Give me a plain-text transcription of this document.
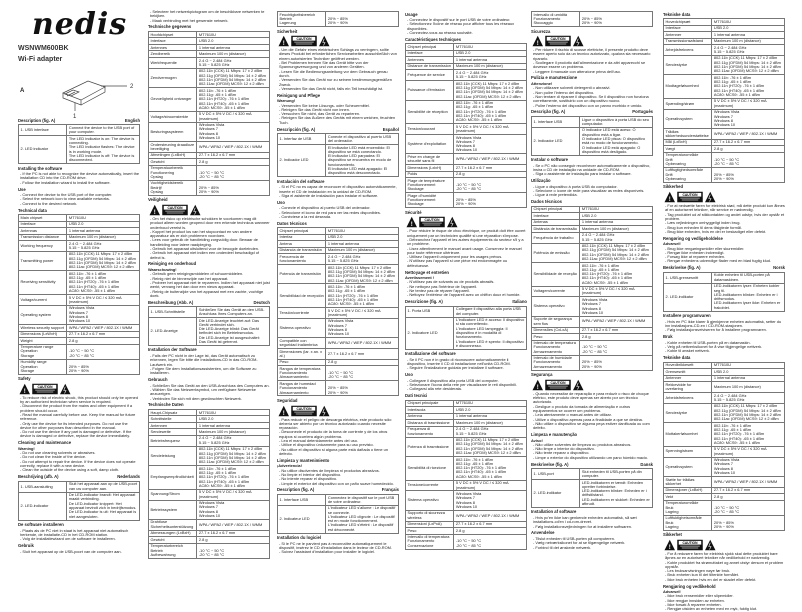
nedis
WSNWM600BK
Wi-Fi adapter
A
2
1
Description (fig. A)	English
1. USB interface	Connect the device to the USB port of your computer.
2. LED indicator	The LED indicator is on: The device is connecting.
The LED indicator flashes: The device is in working mode.
The LED indicator is off: The device is disconnected.
Installing the software
- If the PC is not able to recognize the device automatically, insert the installation CD into the CD-ROM drive.
- Follow the installation wizard to install the software.
Use
- Connect the device to the USB port of the computer.
- Select the network icon to view available networks.
- Connect to the desired network.
Technical data
Main chipset	MT7610U
Interface	USB 2.0
Antennas	1 internal antenna
Transmission distance	Maximum 100 m (distance)
Working frequency	2.4 G ~ 2.484 GHz
5.15 ~ 5.825 GHz
Transmitting power	802.11b (CCK) 11 Mbps: 17 ± 2 dBm
802.11g (OFDM) 54 Mbps: 14 ± 2 dBm
802.11n (OFDM) 54 Mbps: 14 ± 2 dBm
802.11ac (OFDM) MCS9: 12 ± 2 dBm
Receiving sensitivity	802.11b: -76 ± 1 dBm
802.11g: -65 ± 1 dBm
802.11n (HT20): -76 ± 1 dBm
802.11n (HT40): -65 ± 1 dBm
AC80: MCS9: -55 ± 1 dBm
Voltage/current	5 V DC ± 5% V DC / ≤ 320 mA (maximum)
Operating system	Windows Vista
Windows 7
Windows 8
Windows 10
Wireless security support	WPA / WPA2 / WEP / 802.1X / WMM
Dimensions (LxWxH)	27.7 x 16.2 x 6.7 mm
Weight	2.8 g
Temperature range
Operation
Storage	
-10 °C ~ 50 °C
-20 °C ~ 85 °C
Humidity range
Operation
Storage	
20% ~ 85%
20% ~ 90%
Safety
!
CAUTION
- To reduce risk of electric shock, this product should only be opened by an authorized technician when service is required.
- Disconnect the product from the mains and other equipment if a problem should occur.
- Read the manual carefully before use. Keep the manual for future reference.
- Only use the device for its intended purposes. Do not use the device for other purposes than described in the manual.
- Do not use the device if any part is damaged or defective. If the device is damaged or defective, replace the device immediately.
Cleaning and maintenance
Warning!
- Do not use cleaning solvents or abrasives.
- Do not clean the inside of the device.
- Do not attempt to repair the device. If the device does not operate correctly, replace it with a new device.
- Clean the outside of the device using a soft, damp cloth.
Beschrijving (afb. A)	Nederlands
1. USB-aansluiting	Sluit het apparaat aan op de USB-poort van uw computer aan.
2. LED-indicator	De LED-indicator brandt: Het apparaat maakt verbinding.
De LED-indicator knippert: Het apparaat bevindt zich in bedrijfsmodus.
De LED-indicator is uit: Het apparaat is niet aangesloten.
De software installeren
- Plaats als de PC niet in staat is het apparaat niet automatisch herkende, de installatie-CD in het CD-ROM station.
- Volg de installatiewizard om de software te installeren.
Gebruik
- Sluit het apparaat op de USB-poort van de computer aan.
- Selecteer het netwerkpictogram om de beschikbare netwerken te bekijken.
- Maak verbinding met het gewenste netwerk.
Technische gegevens
Hoofdchipset	MT7610U
Interface	USB 2.0
Antennes	1 internal antenna
Zendbereik	Maximum 100 m (distance)
Werkfrequentie	2.4 G ~ 2.484 GHz
5.15 ~ 5.825 GHz
Zendvermogen	802.11b (CCK) 11 Mbps: 17 ± 2 dBm
802.11g (OFDM) 54 Mbps: 14 ± 2 dBm
802.11n (OFDM) 54 Mbps: 14 ± 2 dBm
802.11ac (OFDM) MCS9: 12 ± 2 dBm
Gevoeligheid ontvanger	802.11b: -76 ± 1 dBm
802.11g: -65 ± 1 dBm
802.11n (HT20): -76 ± 1 dBm
802.11n (HT40): -65 ± 1 dBm
AC80: MCS9: -55 ± 1 dBm
Voltage/stroomsterkte	5 V DC ± 5% V DC / ≤ 320 mA (maximum)
Besturingssysteem	Windows Vista
Windows 7
Windows 8
Windows 10
Ondersteuning draadloze beveiliging	WPA / WPA2 / WEP / 802.1X / WMM
Afmetingen (LxBxH)	27.7 x 16.2 x 6.7 mm
Gewicht	2.8 g
Temperatuurbereik
Functionering
Opslag	
-10 °C ~ 50 °C
-20 °C ~ 85 °C
Vochtigheidsbereik
Bedrijf
Opslag	
20% ~ 85%
20% ~ 90%
Veiligheid
!
CAUTION
- Om het risico op elektrische schokken te voorkomen mag dit product alleen worden geopend door een erkende technicus wanneer onderhoud vereist is.
- Koppel het product los van het stopcontact en van andere apparatuur als er zich problemen voordoen.
- Lees voor gebruik de handleiding zorgvuldig door. Bewaar de handleiding voor latere raadpleging.
- Gebruik het apparaat uitsluitend voor de beoogde doeleinden.
- Gebruik het apparaat niet indien een onderdeel beschadigd of defect is.
Reiniging en onderhoud
Waarschuwing!
- Gebruik geen reinigingsmiddelen of schuurmiddelen.
- Reinig niet de binnenzijde van het apparaat.
- Probeer het apparaat niet te repareren. Indien het apparaat niet juist werkt, vervang het dan door een nieuw apparaat.
- Reinig de buitenzijde van het apparaat met een zachte, vochtige doek.
Beschreibung (Abb. A)	Deutsch
1. USB-Schnittstelle	Schließen Sie das Gerät an den USB-Anschluss Ihres Computers an.
2. LED-Anzeige	Die LED-Anzeige leuchtet auf: Das Gerät verbindet sich.
Die LED-Anzeige blinkt: Das Gerät befindet sich im Betriebsmodus.
Die LED-Anzeige ist ausgeschaltet: Das Gerät ist getrennt.
Installation der Software
- Falls der PC nicht in der Lage ist, das Gerät automatisch zu erkennen, legen Sie bitte die Installations-CD in das CD-ROM-Laufwerk ein.
- Folgen Sie dem Installationsassistenten, um die Software zu installieren.
Gebrauch
- Schließen Sie das Gerät an den USB-Anschluss des Computers an.
- Wählen Sie das Netzwerksymbol, um verfügbare Netzwerke anzuzeigen.
- Verbinden Sie sich mit dem gewünschten Netzwerk.
Technische Daten
Haupt-Chipsatz	MT7610U
Schnittstelle	USB 2.0
Antennen	1 internal antenna
Sendeweite	Maximum 100 m (distance)
Betriebsfrequenz	2.4 G ~ 2.484 GHz
5.15 ~ 5.825 GHz
Sendeleistung	802.11b (CCK) 11 Mbps: 17 ± 2 dBm
802.11g (OFDM) 54 Mbps: 14 ± 2 dBm
802.11n (OFDM) 54 Mbps: 14 ± 2 dBm
802.11ac (OFDM) MCS9: 12 ± 2 dBm
Empfangsempfindlichkeit	802.11b: -76 ± 1 dBm
802.11g: -65 ± 1 dBm
802.11n (HT20): -76 ± 1 dBm
802.11n (HT40): -65 ± 1 dBm
AC80: MCS9: -55 ± 1 dBm
Spannung/Strom	5 V DC ± 5% V DC / ≤ 320 mA (maximum)
Betriebssystem	Windows Vista
Windows 7
Windows 8
Windows 10
Drahtlose Sicherheitsunterstützung	WPA / WPA2 / WEP / 802.1X / WMM
Abmessungen (LxBxH)	27.7 x 16.2 x 6.7 mm
Gewicht	2.8 g
Temperaturbereich
Betrieb
Aufbewahrung	
-10 °C ~ 50 °C
-20 °C ~ 85 °C
Feuchtigkeitsbereich
Betrieb
Lagerung	
20% ~ 85%
20% ~ 90%
Sicherheit
!
CAUTION
- Um die Gefahr eines elektrischen Schlags zu verringern, sollte dieses Produkt bei erforderlichen Servicearbeiten ausschließlich von einem autorisierten Techniker geöffnet werden.
- Bei Problemen trennen Sie das Gerät bitte von der Spannungsversorgung und von anderen Geräten.
- Lesen Sie die Bedienungsanleitung vor dem Gebrauch genau durch.
- Verwenden Sie das Gerät nur zu seinem bestimmungsgemäßen Zweck.
- Verwenden Sie das Gerät nicht, falls ein Teil beschädigt ist.
Reinigung und Pflege
Warnung!
- Verwenden Sie keine Lösungs- oder Scheuermittel.
- Reinigen Sie das Gerät nicht von innen.
- Versuchen Sie nicht, das Gerät zu reparieren.
- Reinigen Sie das Äußere des Geräts mit einem weichen, feuchten Tuch.
Descripción (fig. A)	Español
1. Interfaz de USB	Conecte el dispositivo al puerto USB del ordenador.
2. Indicador LED	El indicador LED está encendido: El dispositivo se está conectando.
El indicador LED parpadea: El dispositivo se encuentra en modo de funcionamiento.
El indicador LED está apagado: El dispositivo está desconectado.
Instalación del software
- Si el PC no es capaz de reconocer el dispositivo automáticamente, inserte el CD de instalación en la unidad de CD-ROM.
- Siga el asistente de instalación para instalar el software.
Uso
- Conecte el dispositivo al puerto USB del ordenador.
- Seleccione el icono de red para ver las redes disponibles.
- Conéctese a la red deseada.
Datos técnicos
Chipset principal	MT7610U
Interfaz	USB 2.0
Antena	1 internal antenna
Distancia de transmisión	Maximum 100 m (distance)
Frecuencia de funcionamiento	2.4 G ~ 2.484 GHz
5.15 ~ 5.825 GHz
Potencia de transmisión	802.11b (CCK) 11 Mbps: 17 ± 2 dBm
802.11g (OFDM) 54 Mbps: 14 ± 2 dBm
802.11n (OFDM) 54 Mbps: 14 ± 2 dBm
802.11ac (OFDM) MCS9: 12 ± 2 dBm
Sensibilidad de recepción	802.11b: -76 ± 1 dBm
802.11g: -65 ± 1 dBm
802.11n (HT20): -76 ± 1 dBm
802.11n (HT40): -65 ± 1 dBm
AC80: MCS9: -55 ± 1 dBm
Tensión/corriente	5 V DC ± 5% V DC / ≤ 320 mA (maximum)
Sistema operativo	Windows Vista
Windows 7
Windows 8
Windows 10
Compatible con seguridad inalámbrica	WPA / WPA2 / WEP / 802.1X / WMM
Dimensiones (lar. x an. x al.)	27.7 x 16.2 x 6.7 mm
Peso	2.8 g
Rangos de temperatura
Funcionamiento
Almacenamiento	
-10 °C ~ 50 °C
-20 °C ~ 85 °C
Rangos de humedad
Funcionamiento
Almacenamiento	
20% ~ 85%
20% ~ 90%
Seguridad
!
CAUTION
- Para reducir el peligro de descarga eléctrica, este producto sólo debería ser abierto por un técnico autorizado cuando necesite reparación.
- Desconecte el producto de la toma de corriente y de los otros equipos si ocurriera algún problema.
- Lea el manual detenidamente antes del uso.
- Utilice el dispositivo únicamente para su uso previsto.
- No utilice el dispositivo si alguna parte está dañada o tiene un defecto.
Limpieza y mantenimiento
¡Advertencia!
- No utilice disolventes de limpieza ni productos abrasivos.
- No limpie el interior del dispositivo.
- No intente reparar el dispositivo.
- Limpie el exterior del dispositivo con un paño suave humedecido.
Description (fig. A)	Français
1. Interface USB	Connectez le dispositif sur le port USB de votre ordinateur.
2. Indicateur LED	L'indicateur LED s'allume : Le dispositif se connecte.
L'indicateur LED clignote : Le dispositif est en mode fonctionnement.
L'indicateur LED s'éteint : Le dispositif est déconnecté.
Installation du logiciel
- Si le PC ne le parvient pas à reconnaître automatiquement le dispositif, insérez le CD d'installation dans le lecteur de CD-ROM.
- Suivez l'assistant d'installation pour installer le logiciel.
Usage
- Connectez le dispositif sur le port USB de votre ordinateur.
- Sélectionnez l'icône de réseau pour afficher tous les réseaux disponibles.
- Connectez-vous au réseau souhaité.
Caractéristiques techniques
Chipset principal	MT7610U
Interface	USB 2.0
Antennes	1 internal antenna
Distance de transmission	Maximum 100 m (distance)
Fréquence de service	2.4 G ~ 2.484 GHz
5.15 ~ 5.825 GHz
Puissance d'émission	802.11b (CCK) 11 Mbps: 17 ± 2 dBm
802.11g (OFDM) 54 Mbps: 14 ± 2 dBm
802.11n (OFDM) 54 Mbps: 14 ± 2 dBm
802.11ac (OFDM) MCS9: 12 ± 2 dBm
Sensibilité de réception	802.11b: -76 ± 1 dBm
802.11g: -65 ± 1 dBm
802.11n (HT20): -76 ± 1 dBm
802.11n (HT40): -65 ± 1 dBm
AC80: MCS9: -55 ± 1 dBm
Tension/courant	5 V DC ± 5% V DC / ≤ 320 mA (maximum)
Système d'exploitation	Windows Vista
Windows 7
Windows 8
Windows 10
Prise en charge de sécurité sans fil	WPA / WPA2 / WEP / 802.1X / WMM
Dimensions (LxlxH)	27.7 x 16.2 x 6.7 mm
Poids	2.8 g
Plage de température
Fonctionnement
Stockage	
-10 °C ~ 50 °C
-20 °C ~ 85 °C
Plage d'humidité
Fonctionnement
Stockage	
20% ~ 85%
20% ~ 90%
Sécurité
!
CAUTION
- Pour réduire le risque de choc électrique, ce produit doit être ouvert uniquement par un technicien qualifié si une réparation s'impose.
- Débranchez l'appareil et les autres équipements du secteur s'il y a un problème.
- Lisez attentivement le manuel avant usage. Conservez le manuel pour toute référence ultérieure.
- Utilisez l'appareil uniquement pour les usages prévus.
- N'utilisez pas l'appareil si une pièce est endommagée ou défectueuse.
Nettoyage et entretien
Avertissement !
- N'utilisez pas de solvants ou de produits abrasifs.
- Ne nettoyez pas l'intérieur de l'appareil.
- Ne tentez pas de réparer l'appareil.
- Nettoyez l'extérieur de l'appareil avec un chiffon doux et humide.
Descrizione (fig. A)	Italiano
1. Porta USB	Collegare il dispositivo alla porta USB del computer.
2. Indicatore LED	L'indicatore LED è acceso: Il dispositivo si sta connettendo.
L'indicatore LED lampeggia: Il dispositivo è in modalità di funzionamento.
L'indicatore LED è spento: Il dispositivo è disconnesso.
Installazione del software
- Se il PC non è in grado di riconoscere automaticamente il dispositivo, inserire il CD di installazione nell'unità CD-ROM.
- Seguire l'installazione guidata per installare il software.
Uso
- Collegare il dispositivo alla porta USB del computer.
- Selezionare l'icona della rete per visualizzare le reti disponibili.
- Collegarsi alla rete desiderata.
Dati tecnici
Chipset principale	MT7610U
Interfaccia	USB 2.0
Antenna	1 internal antenna
Distanza di trasmissione	Maximum 100 m (distance)
Frequenza di funzionamento	2.4 G ~ 2.484 GHz
5.15 ~ 5.825 GHz
Potenza di trasmissione	802.11b (CCK) 11 Mbps: 17 ± 2 dBm
802.11g (OFDM) 54 Mbps: 14 ± 2 dBm
802.11n (OFDM) 54 Mbps: 14 ± 2 dBm
802.11ac (OFDM) MCS9: 12 ± 2 dBm
Sensibilità di ricezione	802.11b: -76 ± 1 dBm
802.11g: -65 ± 1 dBm
802.11n (HT20): -76 ± 1 dBm
802.11n (HT40): -65 ± 1 dBm
AC80: MCS9: -55 ± 1 dBm
Tensione/corrente	5 V DC ± 5% V DC / ≤ 320 mA (maximum)
Sistema operativo	Windows Vista
Windows 7
Windows 8
Windows 10
Supporto di sicurezza wireless	WPA / WPA2 / WEP / 802.1X / WMM
Dimensioni (LxPxA)	27.7 x 16.2 x 6.7 mm
Peso	2.8 g
Intervallo di temperatura
Funzionamento
Conservazione	
-10 °C ~ 50 °C
-20 °C ~ 85 °C
Intervallo di umidità
Funzionamento
Stoccaggio	
20% ~ 85%
20% ~ 90%
Sicurezza
!
CAUTION
- Per ridurre il rischio di scosse elettriche, il presente prodotto deve essere aperto solo da un tecnico autorizzato, qualora sia necessario ripararlo.
- Scollegare il prodotto dall'alimentazione e da altri apparecchi se dovesse essere un problema.
- Leggere il manuale con attenzione prima dell'uso.
Pulizia e manutenzione
Attenzione!
- Non utilizzare solventi detergenti o abrasivi.
- Non pulire l'interno del dispositivo.
- Non tentare di riparare il dispositivo. Se il dispositivo non funziona correttamente, sostituirlo con un dispositivo nuovo.
- Pulire l'esterno del dispositivo con un panno morbido e umido.
Descrição (fig. A)	Português
1. Interface USB	Ligue o dispositivo à porta USB do seu computador.
2. Indicador LED	O indicador LED está aceso: O dispositivo está a ligar.
O indicador LED pisca: O dispositivo está no modo de funcionamento.
O indicador LED está apagado: O dispositivo está desligado.
Instalar o software
- Se o PC não conseguir reconhecer automaticamente o dispositivo, insira o CD de instalação na unidade de CD-ROM.
- Siga o assistente de instalação para instalar o software.
Utilização
- Ligue o dispositivo à porta USB do computador.
- Selecione o ícone de rede para visualizar as redes disponíveis.
- Ligue à rede pretendida.
Dados técnicos
Chipset principal	MT7610U
Interface	USB 2.0
Antenas	1 internal antenna
Distância de transmissão	Maximum 100 m (distance)
Frequência de trabalho	2.4 G ~ 2.484 GHz
5.15 ~ 5.825 GHz
Potência de emissão	802.11b (CCK) 11 Mbps: 17 ± 2 dBm
802.11g (OFDM) 54 Mbps: 14 ± 2 dBm
802.11n (OFDM) 54 Mbps: 14 ± 2 dBm
802.11ac (OFDM) MCS9: 12 ± 2 dBm
Sensibilidade de receção	802.11b: -76 ± 1 dBm
802.11g: -65 ± 1 dBm
802.11n (HT20): -76 ± 1 dBm
802.11n (HT40): -65 ± 1 dBm
AC80: MCS9: -55 ± 1 dBm
Voltagem/corrente	5 V DC ± 5% V DC / ≤ 320 mA (maximum)
Sistema operativo	Windows Vista
Windows 7
Windows 8
Windows 10
Suporte de segurança sem fios	WPA / WPA2 / WEP / 802.1X / WMM
Dimensões (CxLxA)	27.7 x 16.2 x 6.7 mm
Peso	2.8 g
Intervalo de temperatura
Funcionamento
Armazenamento	
-10 °C ~ 50 °C
-20 °C ~ 85 °C
Intervalo de humidade
Funcionamento
Armazenamento	
20% ~ 85%
20% ~ 90%
Segurança
!
CAUTION
- Quando necessitar de reparação e para reduzir o risco de choque elétrico, este produto deve apenas ser aberto por um técnico autorizado.
- Desligue o produto da tomada de alimentação e outros equipamentos se ocorrer um problema.
- Leia atentamente o manual antes de utilizar.
- Utilize o dispositivo apenas para a finalidade a que se destina.
- Não utilize o dispositivo se alguma peça estiver danificada ou com defeito.
Limpeza e manutenção
Aviso!
- Não utilize solventes de limpeza ou produtos abrasivos.
- Não limpe o interior do dispositivo.
- Não tente reparar o dispositivo.
- Limpe o exterior do dispositivo utilizando um pano húmido macio.
Beskrivelse (fig. A)	Dansk
1. USB-port	Slut enheden til USB-porten på din computer.
2. LED-indikator	LED-indikatoren er tændt: Enheden opretter forbindelse.
LED-indikatoren blinker: Enheden er i driftstilstand.
LED-indikatoren er slukket: Enheden er afbrudt.
Installation af software
- Hvis pc'en ikke kan genkende enheden automatisk, så sæt installations-cd'en i cd-rom-drevet.
- Følg installationsvejledningen for at installere softwaren.
Anvendelse
- Tilslut enheden til USB-porten på computeren.
- Vælg netværksikonet for at se tilgængelige netværk.
- Forbind til det ønskede netværk.
Tekniske data
Hovedchipsæt	MT7610U
Interface	USB 2.0
Antenner	1 internal antenna
Transmissionsafstand	Maximum 100 m (distance)
Arbejdsfrekvens	2.4 G ~ 2.484 GHz
5.15 ~ 5.825 GHz
Sendestyrke	802.11b (CCK) 11 Mbps: 17 ± 2 dBm
802.11g (OFDM) 54 Mbps: 14 ± 2 dBm
802.11n (OFDM) 54 Mbps: 14 ± 2 dBm
802.11ac (OFDM) MCS9: 12 ± 2 dBm
Modtagefølsomhed	802.11b: -76 ± 1 dBm
802.11g: -65 ± 1 dBm
802.11n (HT20): -76 ± 1 dBm
802.11n (HT40): -65 ± 1 dBm
AC80: MCS9: -55 ± 1 dBm
Spænding/strøm	5 V DC ± 5% V DC / ≤ 320 mA (maximum)
Operativsystem	Windows Vista
Windows 7
Windows 8
Windows 10
Trådløs sikkerhedsunderstøttelse	WPA / WPA2 / WEP / 802.1X / WMM
Mål (LxBxH)	27.7 x 16.2 x 6.7 mm
Vægt	2.8 g
Temperaturområde
Drift
Opbevaring	
-10 °C ~ 50 °C
-20 °C ~ 85 °C
Luftfugtighedsområde
Drift
Opbevaring	
20% ~ 85%
20% ~ 90%
Sikkerhed
!
CAUTION
- For at nedsætte faren for elektrisk stød, må dette produkt kun åbnes af en autoriseret tekniker, når service er nødvendig.
- Tag produktet ud af stikkontakten og andet udstyr, hvis der opstår et problem.
- Læs vejledningen omhyggeligt inden brug.
- Brug kun enheden til dens tilsigtede formål.
- Brug ikke enheden, hvis en del er beskadiget eller defekt.
Rengøring og vedligeholdelse
Advarsel!
- Brug ikke rengøringsmidler eller skuremidler.
- Rengør ikke enheden indvendigt.
- Forsøg ikke at reparere enheden.
- Rengør enhedens udvendige flader med en blød fugtig klud.
Beskrivelse (fig. A)	Norsk
1. USB-grensesnitt	Koble enheten til USB-porten på datamaskinen.
2. LED-indikator	LED-indikatoren lyser: Enheten kobler seg til.
LED-indikatoren blinker: Enheten er i driftsmodus.
LED-indikatoren lyser ikke: Enheten er frakoblet.
Installere programvaren
- Hvis en PC ikke klarer å gjenkjenne enheten automatisk, setter du inn installasjons-CD-en i CD-ROM-stasjonen.
- Følg installasjonsveiviseren for å installere programvaren.
Bruk
- Koble enheten til USB-porten på en datamaskin.
- Velg på nettverksikonet for å vise tilgjengelige nettverk.
- Koble til ønsket nettverk.
Tekniske data
Hovedbrikkesett	MT7610U
Grensesnitt	USB 2.0
Antenner	1 internal antenna
Rekkevidde for overføring	Maximum 100 m (distance)
Arbeidsfrekvens	2.4 G ~ 2.484 GHz
5.15 ~ 5.825 GHz
Sendestyrke	802.11b (CCK) 11 Mbps: 17 ± 2 dBm
802.11g (OFDM) 54 Mbps: 14 ± 2 dBm
802.11n (OFDM) 54 Mbps: 14 ± 2 dBm
802.11ac (OFDM) MCS9: 12 ± 2 dBm
Mottakerfølsomhet	802.11b: -76 ± 1 dBm
802.11g: -65 ± 1 dBm
802.11n (HT20): -76 ± 1 dBm
802.11n (HT40): -65 ± 1 dBm
AC80: MCS9: -55 ± 1 dBm
Spenning/strøm	5 V DC ± 5% V DC / ≤ 320 mA (maximum)
Operativsystem	Windows Vista
Windows 7
Windows 8
Windows 10
Støtte for trådløs sikkerhet	WPA / WPA2 / WEP / 802.1X / WMM
Dimensjoner (LxBxH)	27.7 x 16.2 x 6.7 mm
Vekt	2.8 g
Temperaturområde
Bruk
Lagring	
-10 °C ~ 50 °C
-20 °C ~ 85 °C
Luftfuktighetsområde
Bruk
Lagring	
20% ~ 85%
20% ~ 90%
Sikkerhet
!
CAUTION
- For å redusere faren for elektrisk sjokk skal dette produktet bare åpnes av en autorisert tekniker når vedlikehold er nødvendig.
- Koble produktet fra strømuttaket og annet utstyr dersom et problem oppstår.
- Les bruksanvisningen nøye før bruk.
- Bruk enheten kun til det tiltenkte formålet.
- Ikke bruk enheten hvis en del er skadet eller defekt.
Rengjøring og vedlikehold
Advarsel!
- Ikke bruk rensemidler eller slipemidler.
- Ikke rengjør innsiden av enheten.
- Ikke forsøk å reparere enheten.
- Rengjør utsiden av enheten med en myk, fuktig klut.
